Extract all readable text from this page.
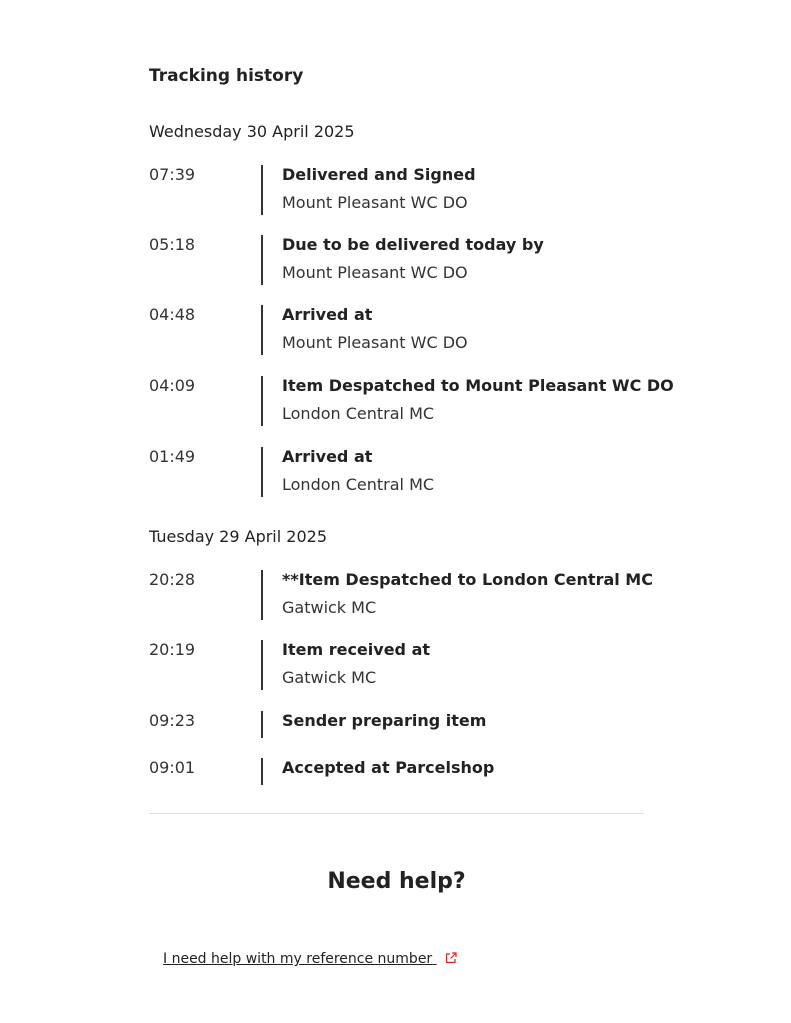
Tracking history
Wednesday 30 April 2025
07:39	Delivered and Signed
Mount Pleasant WC DO
05:18	Due to be delivered today by
Mount Pleasant WC DO
04:48	Arrived at
Mount Pleasant WC DO
04:09	Item Despatched to Mount Pleasant WC DO
London Central MC
01:49	Arrived at
London Central MC
Tuesday 29 April 2025
20:28	**Item Despatched to London Central MC
Gatwick MC
20:19	Item received at
Gatwick MC
09:23	Sender preparing item
09:01	Accepted at Parcelshop
Need help?
I need help with my reference number
